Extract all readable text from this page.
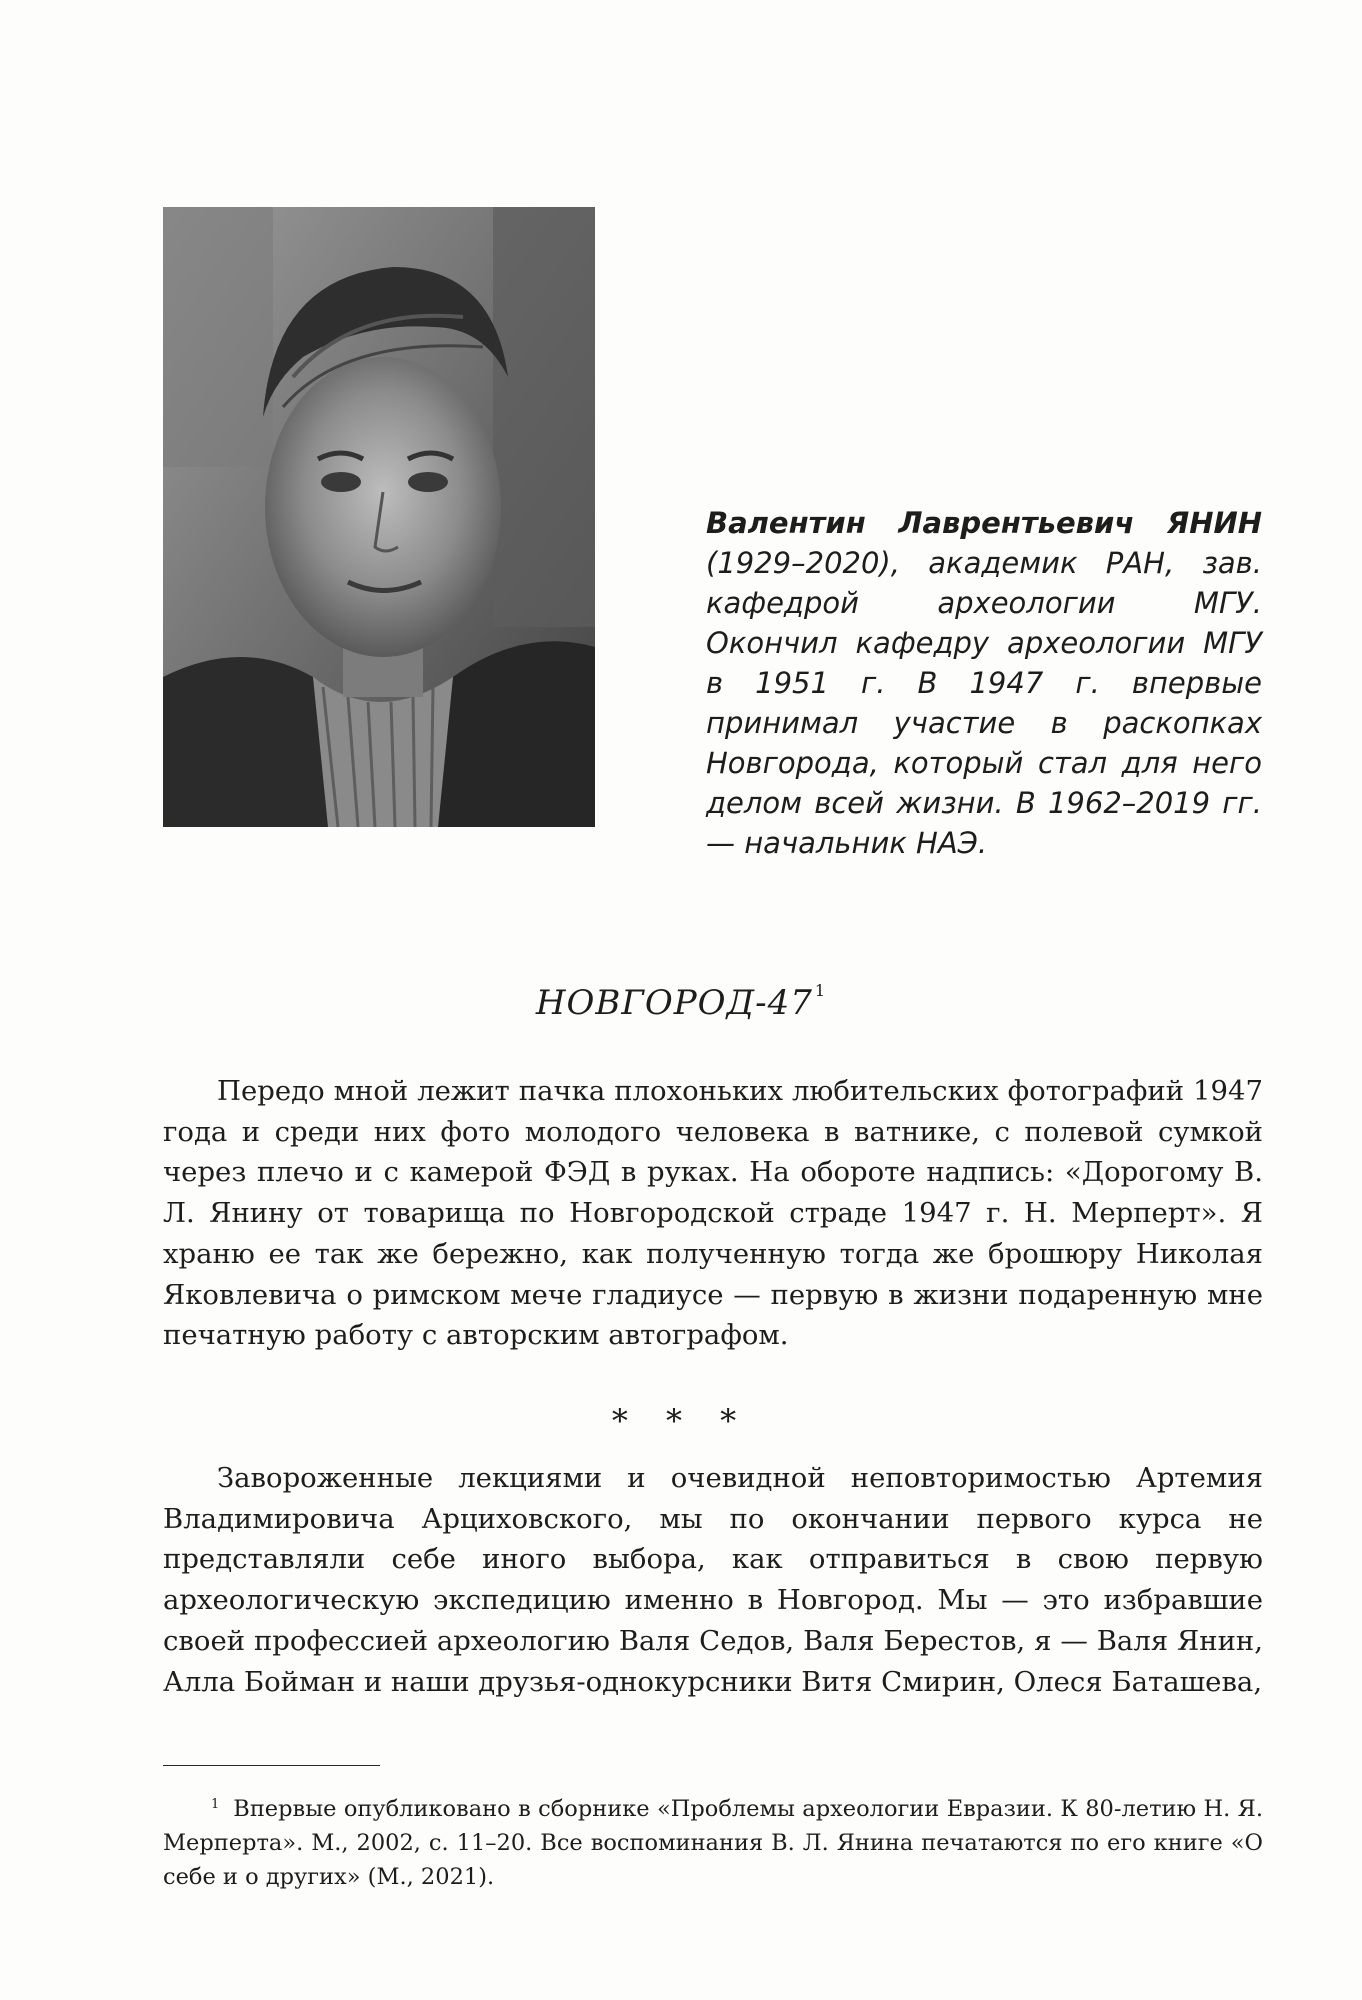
Валентин Лаврентьевич ЯНИН (1929–2020), академик РАН, зав. кафедрой археологии МГУ. Окончил кафедру археологии МГУ в 1951 г. В 1947 г. впервые принимал участие в раскопках Новгорода, который стал для него делом всей жизни. В 1962–2019 гг. — начальник НАЭ.
НОВГОРОД-47 $^1$

Передо мной лежит пачка плохоньких любительских фотографий 1947 года и среди них фото молодого человека в ватнике, с полевой сумкой через плечо и с камерой ФЭД в руках. На обороте надпись: «Дорогому В. Л. Янину от товарища по Новгородской страде 1947 г. Н. Мерперт». Я храню ее так же бережно, как полученную тогда же брошюру Николая Яковлевича о римском мече гладиусе — первую в жизни подаренную мне печатную работу с авторским автографом.

* * *

Завороженные лекциями и очевидной неповторимостью Артемия Владимировича Арциховского, мы по окончании первого курса не представляли себе иного выбора, как отправиться в свою первую археологическую экспедицию именно в Новгород. Мы — это избравшие своей профессией археологию Валя Седов, Валя Берестов, я — Валя Янин, Алла Бойман и наши друзья-однокурсники Витя Смирин, Олеся Баташева,

$^1$ Впервые опубликовано в сборнике «Проблемы археологии Евразии. К 80-летию Н. Я. Мерперта». М., 2002, с. 11–20. Все воспоминания В. Л. Янина печатаются по его книге «О себе и о других» (М., 2021).
